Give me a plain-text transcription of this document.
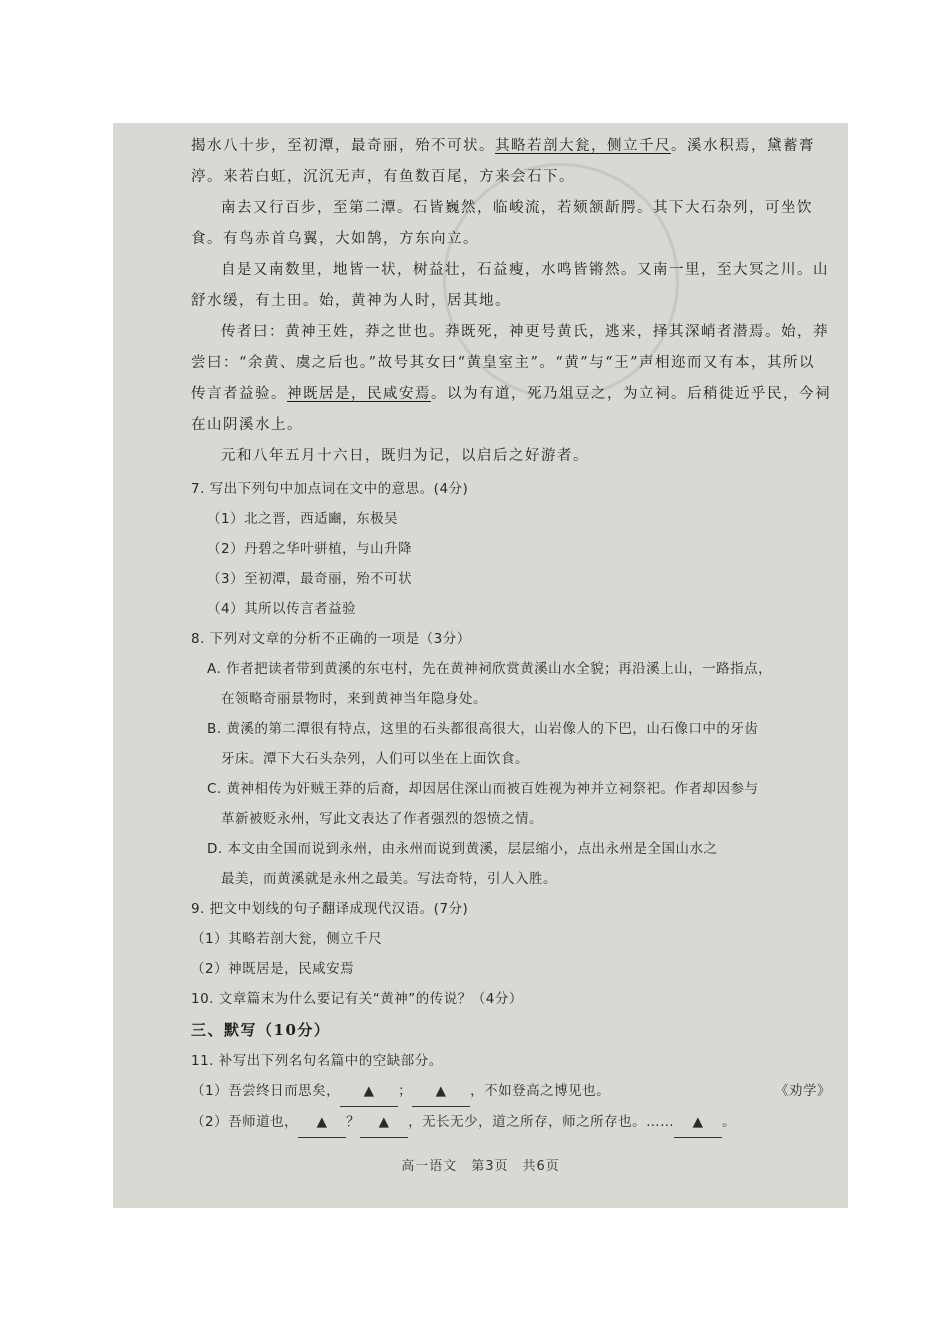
揭水八十步，至初潭，最奇丽，殆不可状。其略若剖大瓮，侧立千尺。溪水积焉，黛蓄膏渟。来若白虹，沉沉无声，有鱼数百尾，方来会石下。

南去又行百步，至第二潭。石皆巍然，临峻流，若颏颔龂腭。其下大石杂列，可坐饮食。有鸟赤首乌翼，大如鹄，方东向立。

自是又南数里，地皆一状，树益壮，石益瘦，水鸣皆锵然。又南一里，至大冥之川。山舒水缓，有土田。始，黄神为人时，居其地。

传者曰：黄神王姓，莽之世也。莽既死，神更号黄氏，逃来，择其深峭者潜焉。始，莽尝曰：“余黄、虞之后也。”故号其女曰“黄皇室主”。“黄”与“王”声相迩而又有本，其所以传言者益验。神既居是，民咸安焉。以为有道，死乃俎豆之，为立祠。后稍徙近乎民，今祠在山阴溪水上。

元和八年五月十六日，既归为记，以启后之好游者。

7. 写出下列句中加点词在文中的意思。(4分)

（1）北之晋，西适豳，东极吴

（2）丹碧之华叶骈植，与山升降

（3）至初潭，最奇丽，殆不可状

（4）其所以传言者益验

8. 下列对文章的分析不正确的一项是（3分）

A. 作者把读者带到黄溪的东屯村，先在黄神祠欣赏黄溪山水全貌；再沿溪上山，一路指点，

在领略奇丽景物时，来到黄神当年隐身处。

B. 黄溪的第二潭很有特点，这里的石头都很高很大，山岩像人的下巴，山石像口中的牙齿

牙床。潭下大石头杂列，人们可以坐在上面饮食。

C. 黄神相传为奸贼王莽的后裔，却因居住深山而被百姓视为神并立祠祭祀。作者却因参与

革新被贬永州，写此文表达了作者强烈的怨愤之情。

D. 本文由全国而说到永州，由永州而说到黄溪，层层缩小，点出永州是全国山水之

最美，而黄溪就是永州之最美。写法奇特，引人入胜。

9. 把文中划线的句子翻译成现代汉语。(7分)

（1）其略若剖大瓮，侧立千尺

（2）神既居是，民咸安焉

10. 文章篇末为什么要记有关“黄神”的传说？（4分）

三、默写（10分）

11. 补写出下列名句名篇中的空缺部分。

（1）吾尝终日而思矣， ▲ ； ▲ ，不如登高之博见也。	《劝学》

（2）吾师道也， ▲ ？ ▲ ，无长无少，道之所存，师之所存也。…… ▲ 。

高一语文　第3页　共6页
